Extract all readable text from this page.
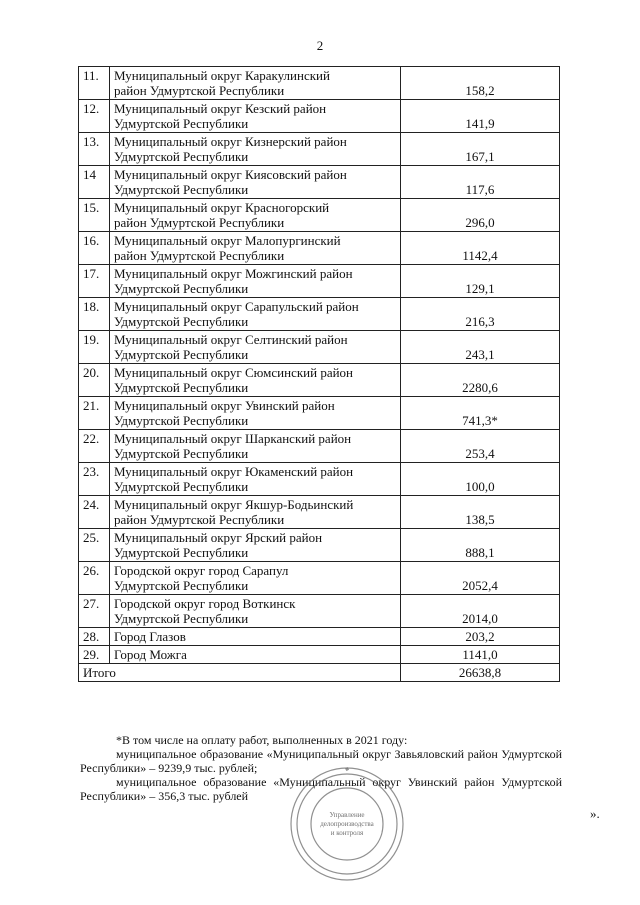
2
11.	Муниципальный округ Каракулинский
район Удмуртской Республики	158,2
12.	Муниципальный округ Кезский район
Удмуртской Республики	141,9
13.	Муниципальный округ Кизнерский район
Удмуртской Республики	167,1
14	Муниципальный округ Киясовский район
Удмуртской Республики	117,6
15.	Муниципальный округ Красногорский
район Удмуртской Республики	296,0
16.	Муниципальный округ Малопургинский
район Удмуртской Республики	1142,4
17.	Муниципальный округ Можгинский район
Удмуртской Республики	129,1
18.	Муниципальный округ Сарапульский район
Удмуртской Республики	216,3
19.	Муниципальный округ Селтинский район
Удмуртской Республики	243,1
20.	Муниципальный округ Сюмсинский район
Удмуртской Республики	2280,6
21.	Муниципальный округ Увинский район
Удмуртской Республики	741,3*
22.	Муниципальный округ Шарканский район
Удмуртской Республики	253,4
23.	Муниципальный округ Юкаменский район
Удмуртской Республики	100,0
24.	Муниципальный округ Якшур-Бодьинский
район Удмуртской Республики	138,5
25.	Муниципальный округ Ярский район
Удмуртской Республики	888,1
26.	Городской округ город Сарапул
Удмуртской Республики	2052,4
27.	Городской округ город Воткинск
Удмуртской Республики	2014,0
28.	Город Глазов	203,2
29.	Город Можга	1141,0
Итого		26638,8

*В том числе на оплату работ, выполненных в 2021 году:

муниципальное образование «Муниципальный округ Завьяловский район Удмуртской Республики» – 9239,9 тыс. рублей;

муниципальное образование «Муниципальный округ Увинский район Удмуртской Республики» – 356,3 тыс. рублей

».
Управление
делопроизводства
и контроля
